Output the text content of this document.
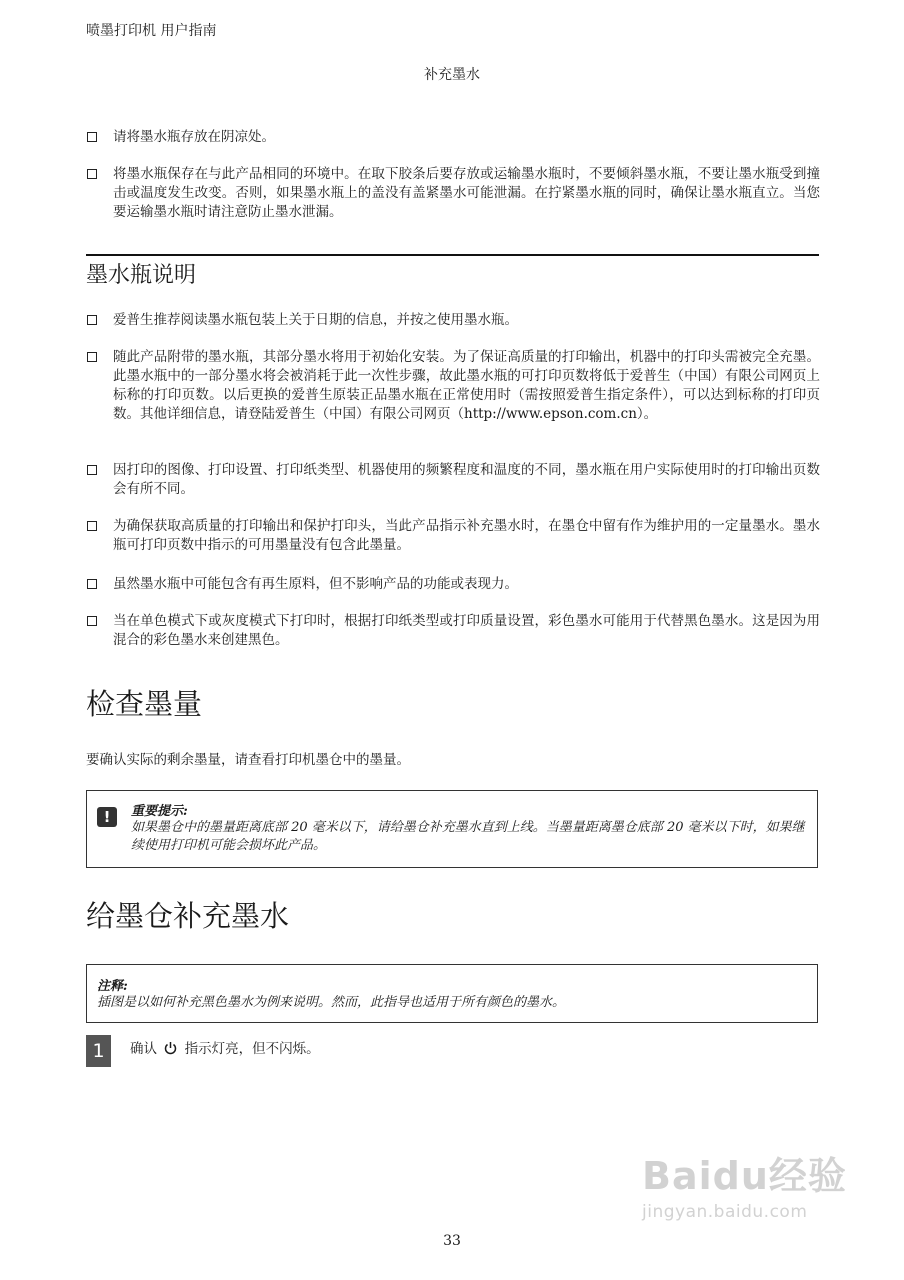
喷墨打印机 用户指南
补充墨水
请将墨水瓶存放在阴凉处。
将墨水瓶保存在与此产品相同的环境中。在取下胶条后要存放或运输墨水瓶时，不要倾斜墨水瓶，不要让墨水瓶受到撞击或温度发生改变。否则，如果墨水瓶上的盖没有盖紧墨水可能泄漏。在拧紧墨水瓶的同时，确保让墨水瓶直立。当您要运输墨水瓶时请注意防止墨水泄漏。
墨水瓶说明
爱普生推荐阅读墨水瓶包装上关于日期的信息，并按之使用墨水瓶。
随此产品附带的墨水瓶，其部分墨水将用于初始化安装。为了保证高质量的打印输出，机器中的打印头需被完全充墨。此墨水瓶中的一部分墨水将会被消耗于此一次性步骤，故此墨水瓶的可打印页数将低于爱普生（中国）有限公司网页上标称的打印页数。以后更换的爱普生原装正品墨水瓶在正常使用时（需按照爱普生指定条件），可以达到标称的打印页数。其他详细信息，请登陆爱普生（中国）有限公司网页（http://www.epson.com.cn）。
因打印的图像、打印设置、打印纸类型、机器使用的频繁程度和温度的不同，墨水瓶在用户实际使用时的打印输出页数会有所不同。
为确保获取高质量的打印输出和保护打印头，当此产品指示补充墨水时，在墨仓中留有作为维护用的一定量墨水。墨水瓶可打印页数中指示的可用墨量没有包含此墨量。
虽然墨水瓶中可能包含有再生原料，但不影响产品的功能或表现力。
当在单色模式下或灰度模式下打印时，根据打印纸类型或打印质量设置，彩色墨水可能用于代替黑色墨水。这是因为用混合的彩色墨水来创建黑色。
检查墨量
要确认实际的剩余墨量，请查看打印机墨仓中的墨量。
!	重要提示:
如果墨仓中的墨量距离底部 20 毫米以下，请给墨仓补充墨水直到上线。当墨量距离墨仓底部 20 毫米以下时，如果继续使用打印机可能会损坏此产品。
给墨仓补充墨水
注释:
插图是以如何补充黑色墨水为例来说明。然而，此指导也适用于所有颜色的墨水。
1	确认 指示灯亮，但不闪烁。
Baidu经验
jingyan.baidu.com
33
